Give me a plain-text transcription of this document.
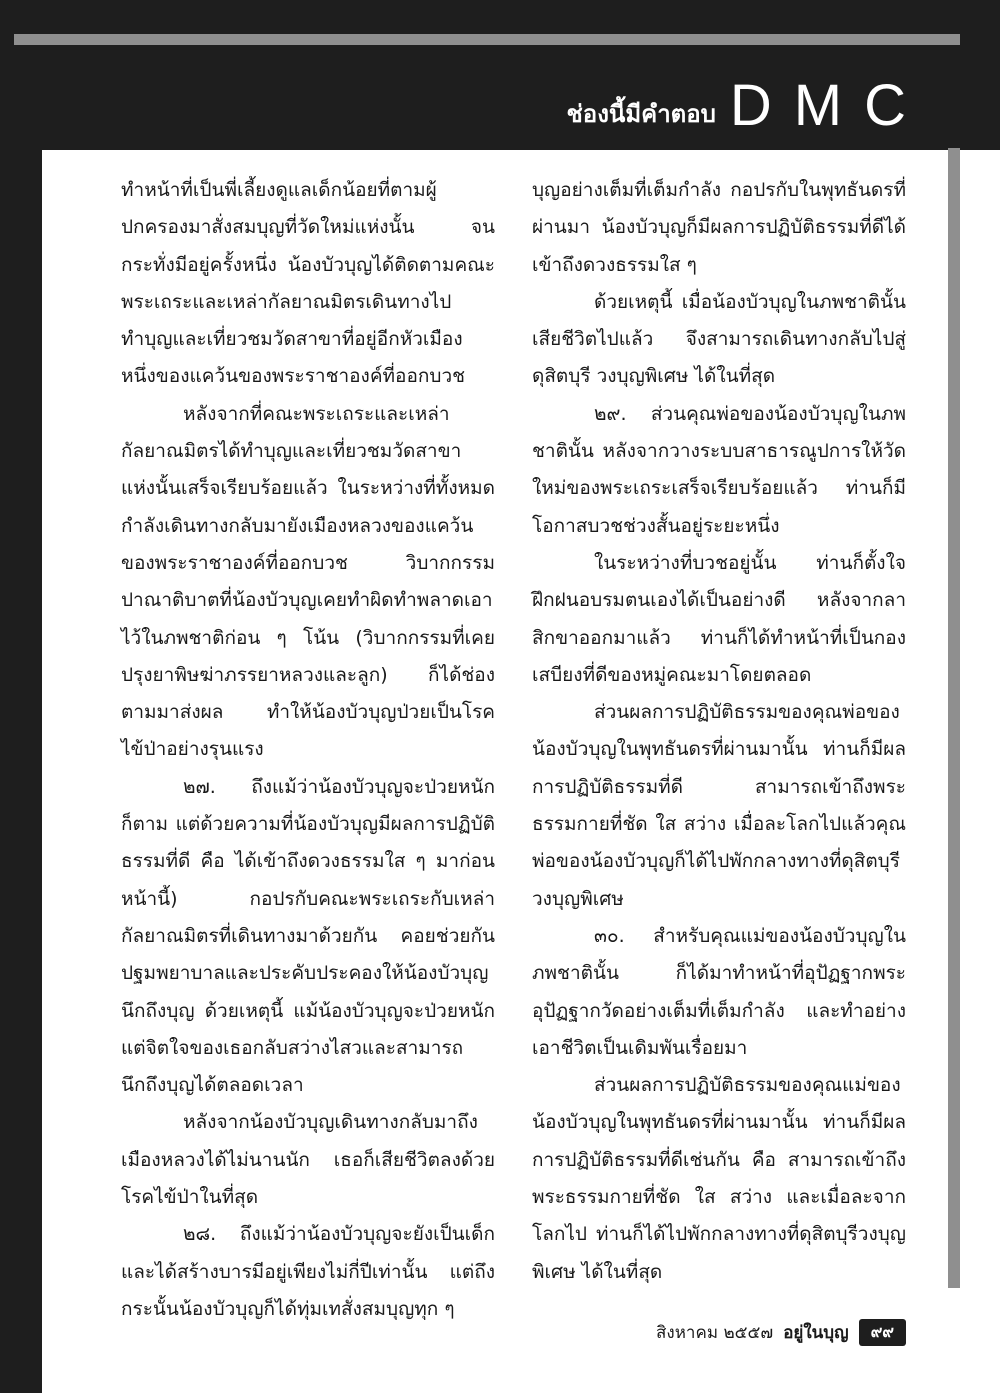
ช่องนี้มีคำตอบ DMC

ทำหน้าที่เป็นพี่เลี้ยงดูแลเด็กน้อยที่ตามผู้ปกครองมาสั่งสมบุญที่วัดใหม่แห่งนั้น จนกระทั่งมีอยู่ครั้งหนึ่ง น้องบัวบุญได้ติดตามคณะพระเถระและเหล่ากัลยาณมิตรเดินทางไปทำบุญและเที่ยวชมวัดสาขาที่อยู่อีกหัวเมืองหนึ่งของแคว้นของพระราชาองค์ที่ออกบวช

หลังจากที่คณะพระเถระและเหล่ากัลยาณมิตรได้ทำบุญและเที่ยวชมวัดสาขาแห่งนั้นเสร็จเรียบร้อยแล้ว ในระหว่างที่ทั้งหมดกำลังเดินทางกลับมายังเมืองหลวงของแคว้นของพระราชาองค์ที่ออกบวช วิบากกรรมปาณาติบาตที่น้องบัวบุญเคยทำผิดทำพลาดเอาไว้ในภพชาติก่อน ๆ โน้น (วิบากกรรมที่เคยปรุงยาพิษฆ่าภรรยาหลวงและลูก) ก็ได้ช่องตามมาส่งผล ทำให้น้องบัวบุญป่วยเป็นโรคไข้ป่าอย่างรุนแรง

๒๗. ถึงแม้ว่าน้องบัวบุญจะป่วยหนักก็ตาม แต่ด้วยความที่น้องบัวบุญมีผลการปฏิบัติธรรมที่ดี คือ ได้เข้าถึงดวงธรรมใส ๆ มาก่อนหน้านี้) กอปรกับคณะพระเถระกับเหล่ากัลยาณมิตรที่เดินทางมาด้วยกัน คอยช่วยกันปฐมพยาบาลและประคับประคองให้น้องบัวบุญนึกถึงบุญ ด้วยเหตุนี้ แม้น้องบัวบุญจะป่วยหนักแต่จิตใจของเธอกลับสว่างไสวและสามารถนึกถึงบุญได้ตลอดเวลา

หลังจากน้องบัวบุญเดินทางกลับมาถึงเมืองหลวงได้ไม่นานนัก เธอก็เสียชีวิตลงด้วยโรคไข้ป่าในที่สุด

๒๘. ถึงแม้ว่าน้องบัวบุญจะยังเป็นเด็กและได้สร้างบารมีอยู่เพียงไม่กี่ปีเท่านั้น แต่ถึงกระนั้นน้องบัวบุญก็ได้ทุ่มเทสั่งสมบุญทุก ๆ

บุญอย่างเต็มที่เต็มกำลัง กอปรกับในพุทธันดรที่ผ่านมา น้องบัวบุญก็มีผลการปฏิบัติธรรมที่ดีได้เข้าถึงดวงธรรมใส ๆ

ด้วยเหตุนี้ เมื่อน้องบัวบุญในภพชาตินั้นเสียชีวิตไปแล้ว จึงสามารถเดินทางกลับไปสู่ดุสิตบุรี วงบุญพิเศษ ได้ในที่สุด

๒๙. ส่วนคุณพ่อของน้องบัวบุญในภพชาตินั้น หลังจากวางระบบสาธารณูปการให้วัดใหม่ของพระเถระเสร็จเรียบร้อยแล้ว ท่านก็มีโอกาสบวชช่วงสั้นอยู่ระยะหนึ่ง

ในระหว่างที่บวชอยู่นั้น ท่านก็ตั้งใจฝึกฝนอบรมตนเองได้เป็นอย่างดี หลังจากลาสิกขาออกมาแล้ว ท่านก็ได้ทำหน้าที่เป็นกองเสบียงที่ดีของหมู่คณะมาโดยตลอด

ส่วนผลการปฏิบัติธรรมของคุณพ่อของน้องบัวบุญในพุทธันดรที่ผ่านมานั้น ท่านก็มีผลการปฏิบัติธรรมที่ดี สามารถเข้าถึงพระธรรมกายที่ชัด ใส สว่าง เมื่อละโลกไปแล้วคุณพ่อของน้องบัวบุญก็ได้ไปพักกลางทางที่ดุสิตบุรี วงบุญพิเศษ

๓๐. สำหรับคุณแม่ของน้องบัวบุญในภพชาตินั้น ก็ได้มาทำหน้าที่อุปัฏฐากพระอุปัฏฐากวัดอย่างเต็มที่เต็มกำลัง และทำอย่างเอาชีวิตเป็นเดิมพันเรื่อยมา

ส่วนผลการปฏิบัติธรรมของคุณแม่ของน้องบัวบุญในพุทธันดรที่ผ่านมานั้น ท่านก็มีผลการปฏิบัติธรรมที่ดีเช่นกัน คือ สามารถเข้าถึงพระธรรมกายที่ชัด ใส สว่าง และเมื่อละจากโลกไป ท่านก็ได้ไปพักกลางทางที่ดุสิตบุรีวงบุญพิเศษ ได้ในที่สุด

สิงหาคม ๒๕๕๗ อยู่ในบุญ	๙๙
